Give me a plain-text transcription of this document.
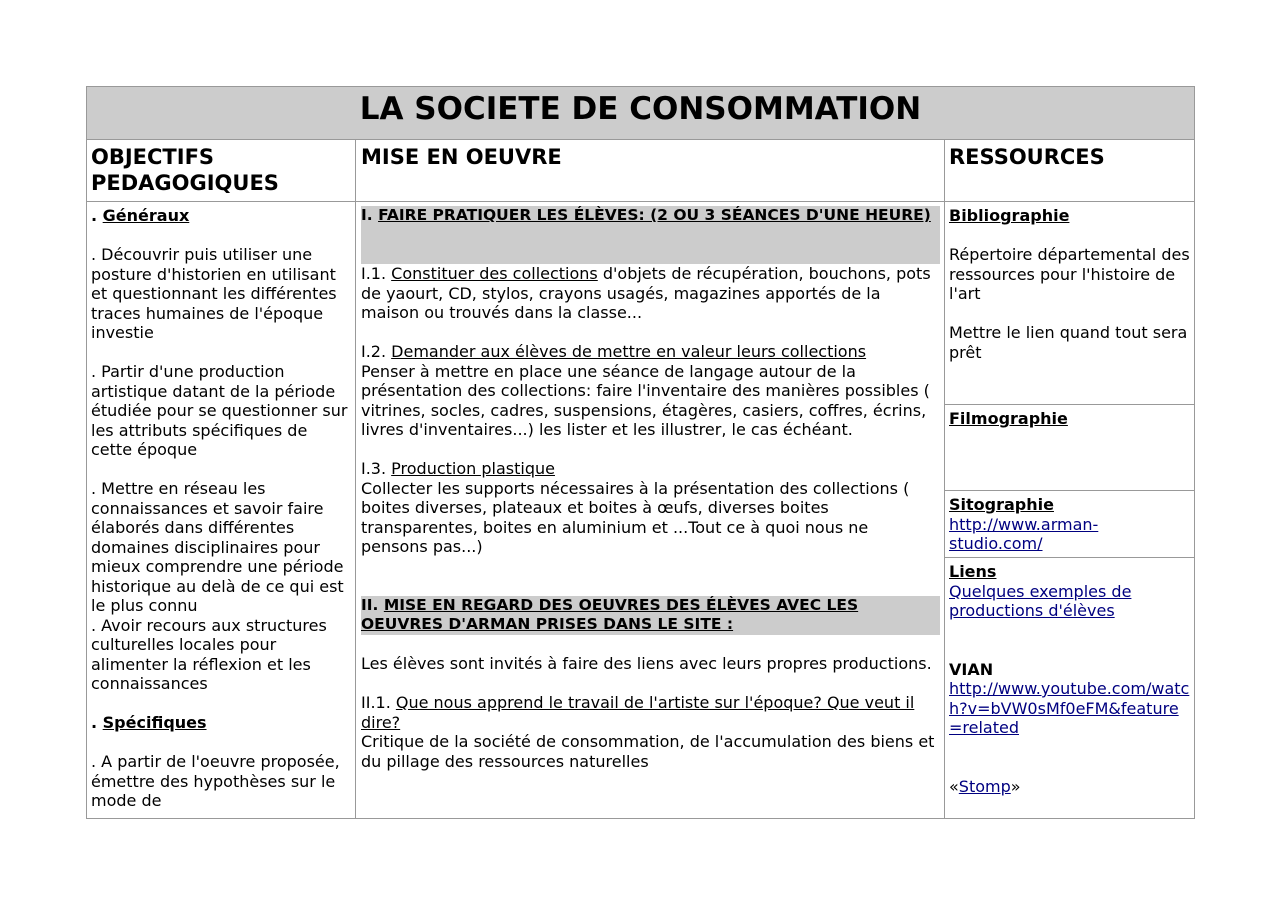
LA SOCIETE DE CONSOMMATION
OBJECTIFS PEDAGOGIQUES
MISE EN OEUVRE	RESSOURCES

. Généraux

. Découvrir puis utiliser une posture d'historien en utilisant et questionnant les différentes traces humaines de l'époque investie

. Partir d'une production artistique datant de la période étudiée pour se questionner sur les attributs spécifiques de cette époque

. Mettre en réseau les connaissances et savoir faire élaborés dans différentes domaines disciplinaires pour mieux comprendre une période historique au delà de ce qui est le plus connu

. Avoir recours aux structures culturelles locales pour alimenter la réflexion et les connaissances

. Spécifiques

. A partir de l'oeuvre proposée, émettre des hypothèses sur le mode de

I. FAIRE PRATIQUER LES ÉLÈVES: (2 OU 3 SÉANCES D'UNE HEURE)

I.1. Constituer des collections d'objets de récupération, bouchons, pots de yaourt, CD, stylos, crayons usagés, magazines apportés de la maison ou trouvés dans la classe...

I.2. Demander aux élèves de mettre en valeur leurs collections

Penser à mettre en place une séance de langage autour de la présentation des collections: faire l'inventaire des manières possibles ( vitrines, socles, cadres, suspensions, étagères, casiers, coffres, écrins, livres d'inventaires...) les lister et les illustrer, le cas échéant.

I.3. Production plastique

Collecter les supports nécessaires à la présentation des collections ( boites diverses, plateaux et boites à œufs, diverses boites transparentes, boites en aluminium et ...Tout ce à quoi nous ne pensons pas...)

II. MISE EN REGARD DES OEUVRES DES ÉLÈVES AVEC LES OEUVRES D'ARMAN PRISES DANS LE SITE :

Les élèves sont invités à faire des liens avec leurs propres productions.

II.1. Que nous apprend le travail de l'artiste sur l'époque? Que veut il dire?

Critique de la société de consommation, de l'accumulation des biens et du pillage des ressources naturelles

Bibliographie

Répertoire départemental des ressources pour l'histoire de l'art

Mettre le lien quand tout sera prêt

Filmographie

Sitographie

http://www.arman-studio.com/

Liens

Quelques exemples de productions d'élèves

VIAN

http://www.youtube.com/watch?v=bVW0sMf0eFM&feature=related

«Stomp»
